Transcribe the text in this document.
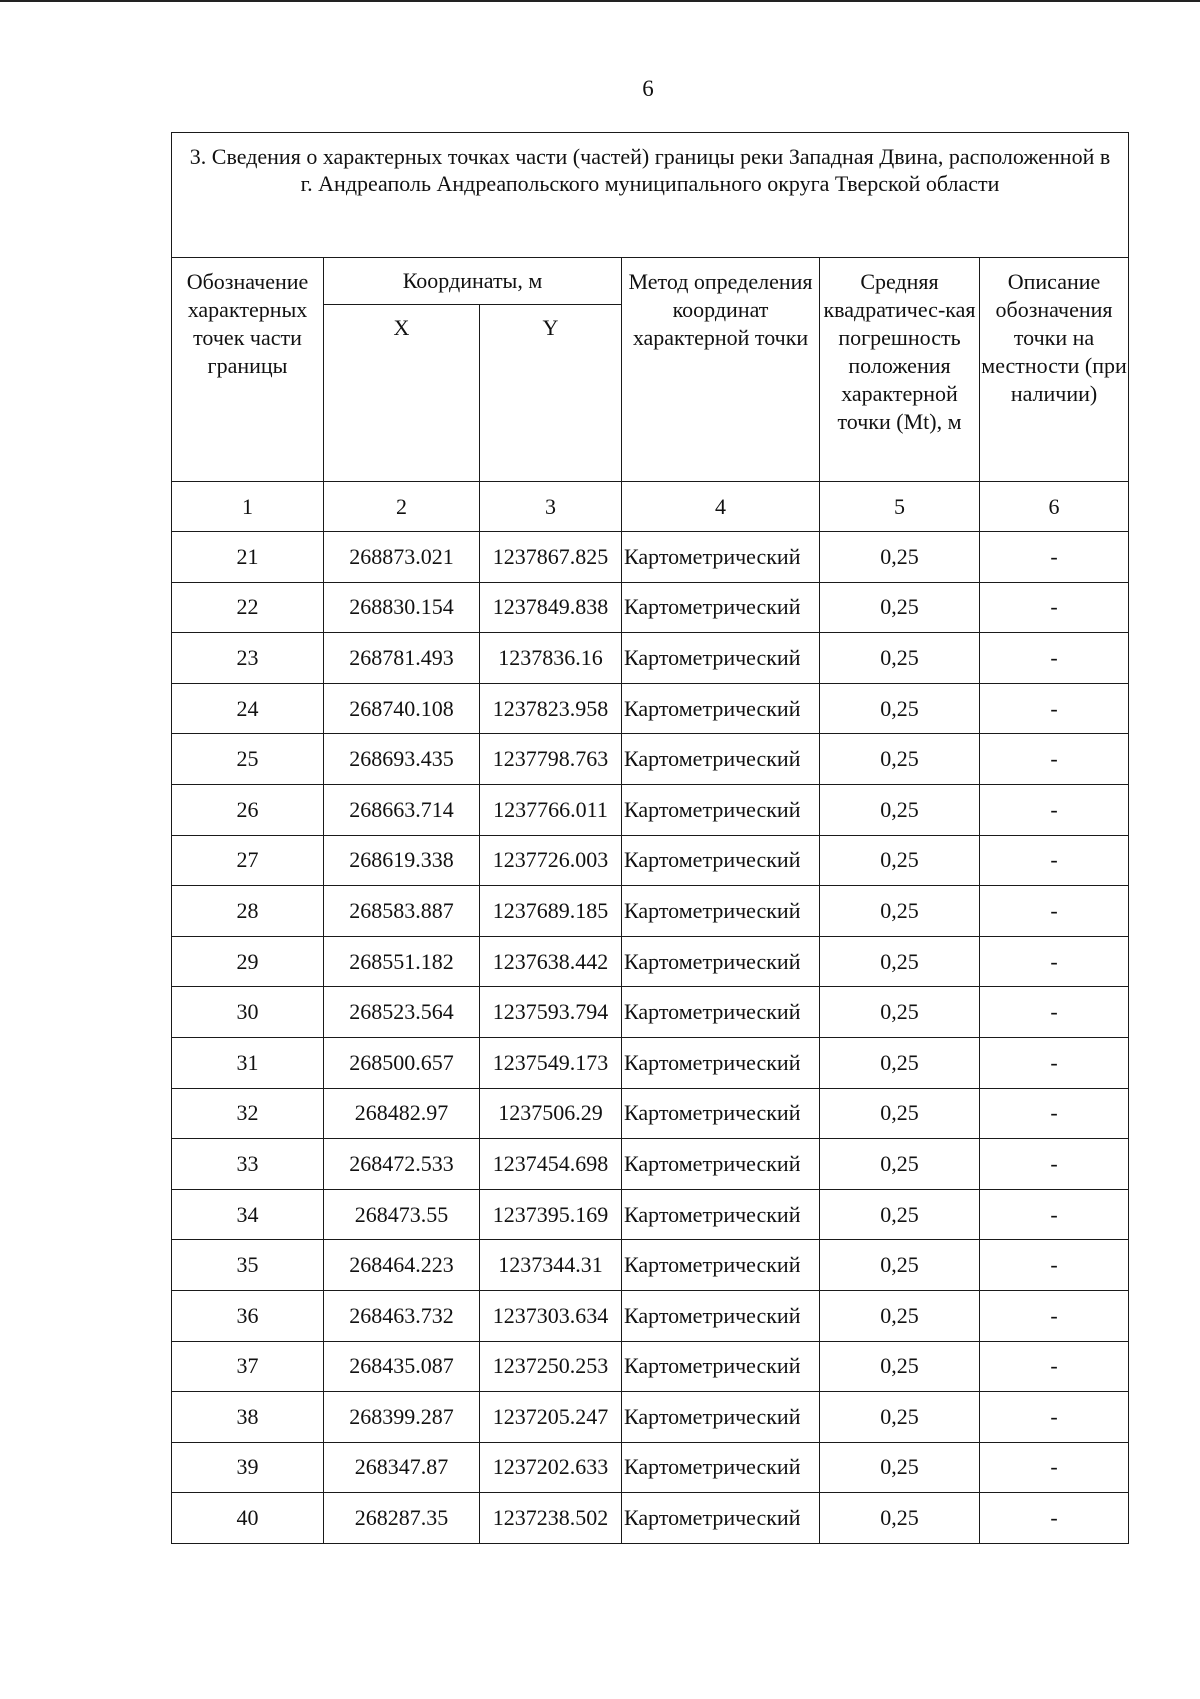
6
3. Сведения о характерных точках части (частей) границы реки Западная Двина, расположенной в г. Андреаполь Андреапольского муниципального округа Тверской области					
Обозначение характерных точек части границы	Координаты, м		Метод определения координат характерной точки	Средняя квадратичес-кая погрешность положения характерной точки (Mt), м	Описание обозначения точки на местности (при наличии)
	X	Y			
1	2	3	4	5	6
21	268873.021	1237867.825	Картометрический	0,25	-
22	268830.154	1237849.838	Картометрический	0,25	-
23	268781.493	1237836.16	Картометрический	0,25	-
24	268740.108	1237823.958	Картометрический	0,25	-
25	268693.435	1237798.763	Картометрический	0,25	-
26	268663.714	1237766.011	Картометрический	0,25	-
27	268619.338	1237726.003	Картометрический	0,25	-
28	268583.887	1237689.185	Картометрический	0,25	-
29	268551.182	1237638.442	Картометрический	0,25	-
30	268523.564	1237593.794	Картометрический	0,25	-
31	268500.657	1237549.173	Картометрический	0,25	-
32	268482.97	1237506.29	Картометрический	0,25	-
33	268472.533	1237454.698	Картометрический	0,25	-
34	268473.55	1237395.169	Картометрический	0,25	-
35	268464.223	1237344.31	Картометрический	0,25	-
36	268463.732	1237303.634	Картометрический	0,25	-
37	268435.087	1237250.253	Картометрический	0,25	-
38	268399.287	1237205.247	Картометрический	0,25	-
39	268347.87	1237202.633	Картометрический	0,25	-
40	268287.35	1237238.502	Картометрический	0,25	-
